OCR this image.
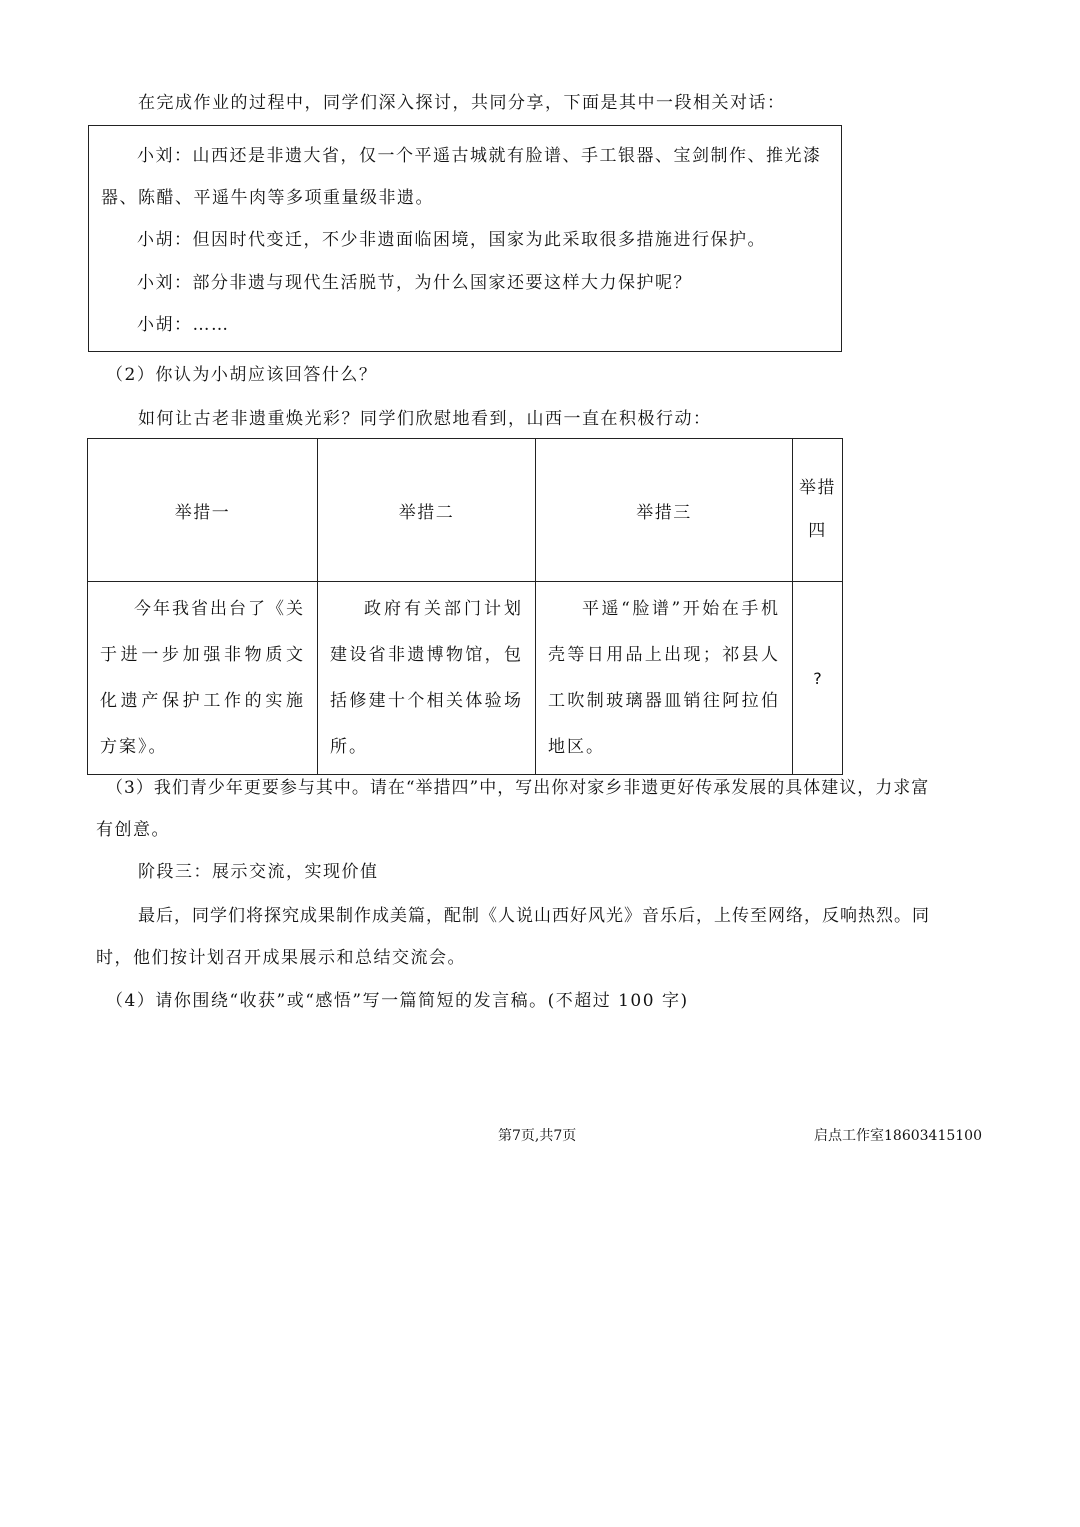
在完成作业的过程中，同学们深入探讨，共同分享，下面是其中一段相关对话：
小刘：山西还是非遗大省，仅一个平遥古城就有脸谱、手工银器、宝剑制作、推光漆
器、陈醋、平遥牛肉等多项重量级非遗。
小胡：但因时代变迁，不少非遗面临困境，国家为此采取很多措施进行保护。
小刘：部分非遗与现代生活脱节，为什么国家还要这样大力保护呢？
小胡：……
（2）你认为小胡应该回答什么？
如何让古老非遗重焕光彩？同学们欣慰地看到，山西一直在积极行动：
举措一	举措二	举措三	举措四
今年我省出台了《关于进一步加强非物质文化遗产保护工作的实施方案》。	政府有关部门计划建设省非遗博物馆，包括修建十个相关体验场所。	平遥“脸谱”开始在手机壳等日用品上出现；祁县人工吹制玻璃器皿销往阿拉伯地区。	?
（3）我们青少年更要参与其中。请在“举措四”中，写出你对家乡非遗更好传承发展的具体建议，力求富
有创意。
阶段三：展示交流，实现价值
最后，同学们将探究成果制作成美篇，配制《人说山西好风光》音乐后，上传至网络，反响热烈。同
时，他们按计划召开成果展示和总结交流会。
（4）请你围绕“收获”或“感悟”写一篇简短的发言稿。(不超过 100 字)
第7页,共7页	启点工作室18603415100
